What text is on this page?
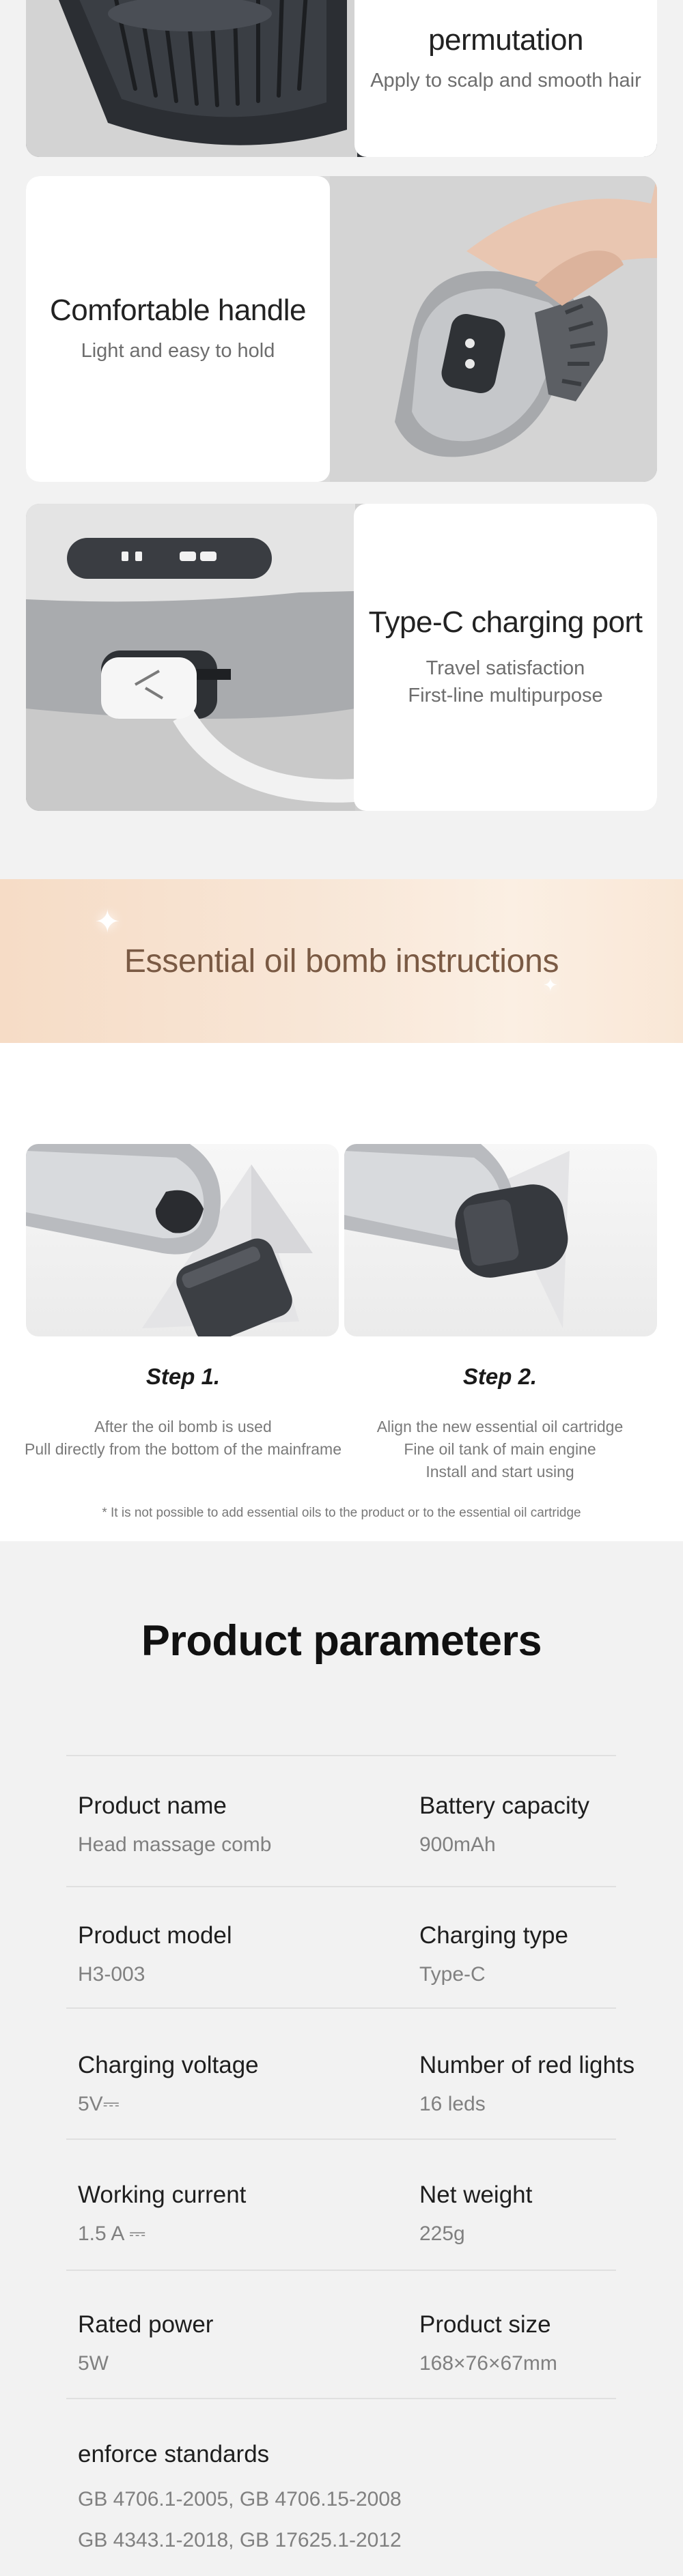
permutation
Apply to scalp and smooth hair
Comfortable handle
Light and easy to hold
Type-C charging port
Travel satisfaction
First-line multipurpose
✦
✦
Essential oil bomb instructions
Step 1.
After the oil bomb is used
Pull directly from the bottom of the mainframe
Step 2.
Align the new essential oil cartridge
Fine oil tank of main engine
Install and start using
* It is not possible to add essential oils to the product or to the essential oil cartridge
Product parameters
Product name
Head massage comb
Battery capacity
900mAh
Product model
H3-003
Charging type
Type-C
Charging voltage
5V⎓
Number of red lights
16 leds
Working current
1.5 A ⎓
Net weight
225g
Rated power
5W
Product size
168×76×67mm
enforce standards
GB 4706.1-2005, GB 4706.15-2008
GB 4343.1-2018, GB 17625.1-2012
